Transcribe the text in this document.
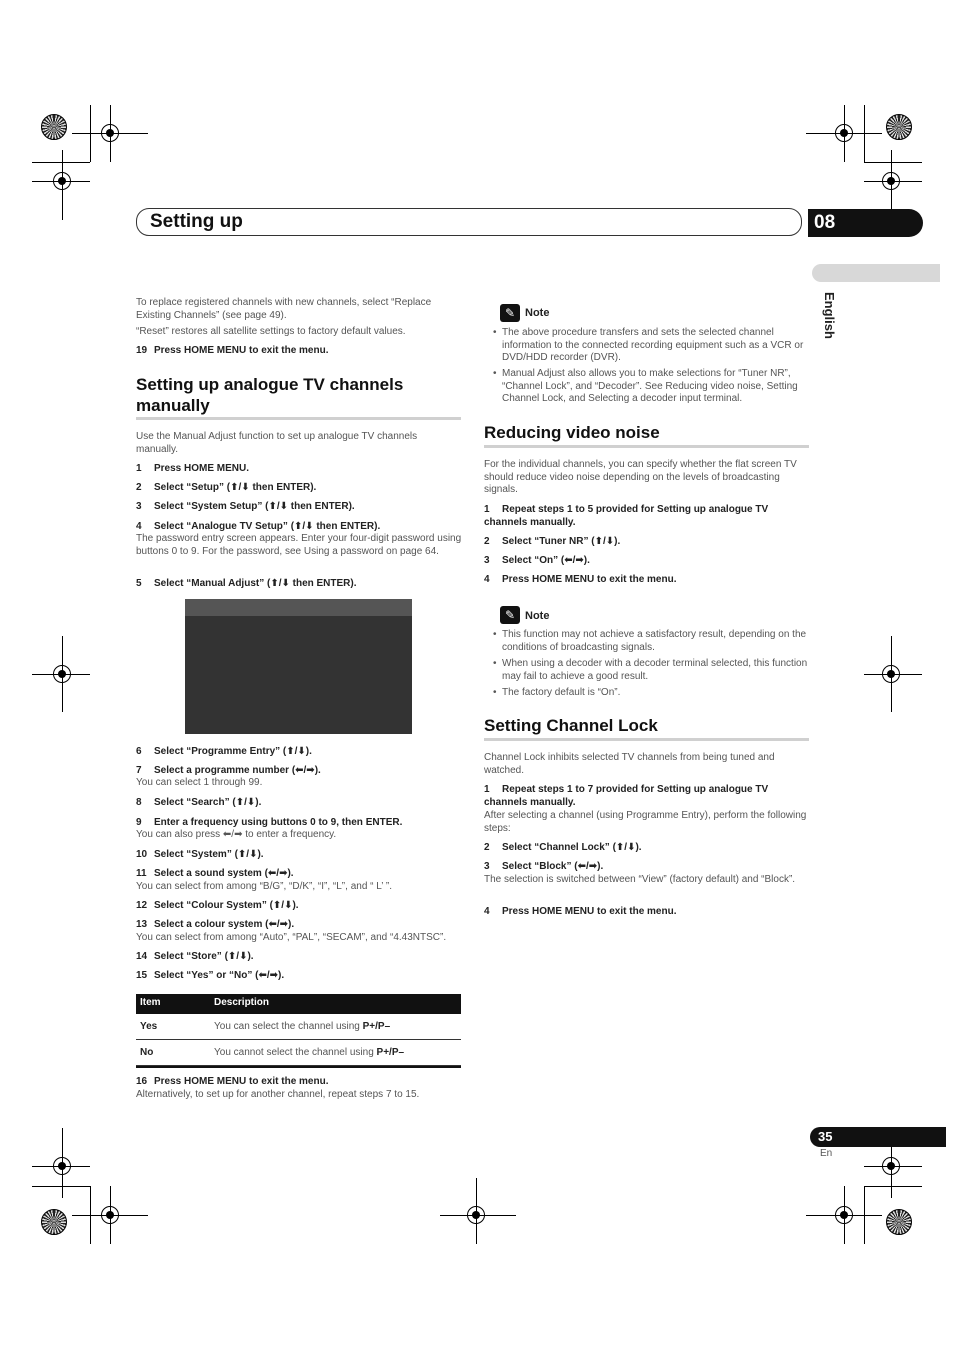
Setting up	08
English
To replace registered channels with new channels, select “Replace Existing Channels” (see page 49).
“Reset” restores all satellite settings to factory default values.
19 Press HOME MENU to exit the menu.
Setting up analogue TV channels manually
Use the Manual Adjust function to set up analogue TV channels manually.
1 Press HOME MENU.
2 Select “Setup” (⬆/⬇ then ENTER).
3 Select “System Setup” (⬆/⬇ then ENTER).
4 Select “Analogue TV Setup” (⬆/⬇ then ENTER).
The password entry screen appears. Enter your four-digit password using buttons 0 to 9. For the password, see Using a password on page 64.
5 Select “Manual Adjust” (⬆/⬇ then ENTER).
6 Select “Programme Entry” (⬆/⬇).
7 Select a programme number (⬅/➡).
You can select 1 through 99.
8 Select “Search” (⬆/⬇).
9 Enter a frequency using buttons 0 to 9, then ENTER.
You can also press ⬅/➡ to enter a frequency.
10 Select “System” (⬆/⬇).
11 Select a sound system (⬅/➡).
You can select from among “B/G”, “D/K”, “I”, “L”, and “ L’ ”.
12 Select “Colour System” (⬆/⬇).
13 Select a colour system (⬅/➡).
You can select from among “Auto”, “PAL”, “SECAM”, and “4.43NTSC”.
14 Select “Store” (⬆/⬇).
15 Select “Yes” or “No” (⬅/➡).
Item	Description
Yes	You can select the channel using P+/P–
No	You cannot select the channel using P+/P–
16 Press HOME MENU to exit the menu.
Alternatively, to set up for another channel, repeat steps 7 to 15.
✎ Note
• The above procedure transfers and sets the selected channel information to the connected recording equipment such as a VCR or DVD/HDD recorder (DVR).
• Manual Adjust also allows you to make selections for “Tuner NR”, “Channel Lock”, and “Decoder”. See Reducing video noise, Setting Channel Lock, and Selecting a decoder input terminal.
Reducing video noise
For the individual channels, you can specify whether the flat screen TV should reduce video noise depending on the levels of broadcasting signals.
1 Repeat steps 1 to 5 provided for Setting up analogue TV channels manually.
2 Select “Tuner NR” (⬆/⬇).
3 Select “On” (⬅/➡).
4 Press HOME MENU to exit the menu.
✎ Note
• This function may not achieve a satisfactory result, depending on the conditions of broadcasting signals.
• When using a decoder with a decoder terminal selected, this function may fail to achieve a good result.
• The factory default is “On”.
Setting Channel Lock
Channel Lock inhibits selected TV channels from being tuned and watched.
1 Repeat steps 1 to 7 provided for Setting up analogue TV channels manually.
After selecting a channel (using Programme Entry), perform the following steps:
2 Select “Channel Lock” (⬆/⬇).
3 Select “Block” (⬅/➡).
The selection is switched between “View” (factory default) and “Block”.
4 Press HOME MENU to exit the menu.
35
En
